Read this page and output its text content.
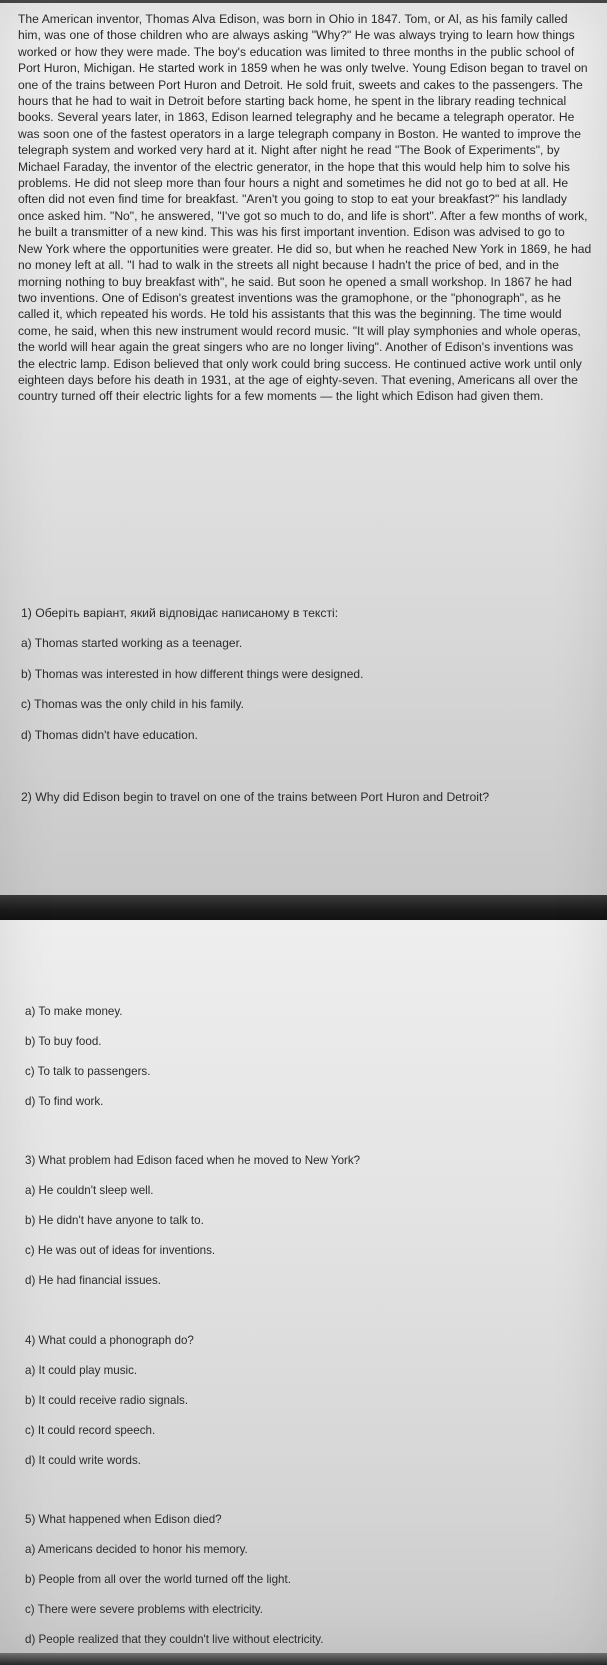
The American inventor, Thomas Alva Edison, was born in Ohio in 1847. Tom, or Al, as his family called him, was one of those children who are always asking "Why?" He was always trying to learn how things worked or how they were made. The boy's education was limited to three months in the public school of Port Huron, Michigan. He started work in 1859 when he was only twelve. Young Edison began to travel on one of the trains between Port Huron and Detroit. He sold fruit, sweets and cakes to the passengers. The hours that he had to wait in Detroit before starting back home, he spent in the library reading technical books. Several years later, in 1863, Edison learned telegraphy and he became a telegraph operator. He was soon one of the fastest operators in a large telegraph company in Boston. He wanted to improve the telegraph system and worked very hard at it. Night after night he read "The Book of Experiments", by Michael Faraday, the inventor of the electric generator, in the hope that this would help him to solve his problems. He did not sleep more than four hours a night and sometimes he did not go to bed at all. He often did not even find time for breakfast. "Aren't you going to stop to eat your breakfast?" his landlady once asked him. "No", he answered, "I've got so much to do, and life is short". After a few months of work, he built a transmitter of a new kind. This was his first important invention. Edison was advised to go to New York where the opportunities were greater. He did so, but when he reached New York in 1869, he had no money left at all. "I had to walk in the streets all night because I hadn't the price of bed, and in the morning nothing to buy breakfast with", he said. But soon he opened a small workshop. In 1867 he had two inventions. One of Edison's greatest inventions was the gramophone, or the "phonograph", as he called it, which repeated his words. He told his assistants that this was the beginning. The time would come, he said, when this new instrument would record music. "It will play symphonies and whole operas, the world will hear again the great singers who are no longer living". Another of Edison's inventions was the electric lamp. Edison believed that only work could bring success. He continued active work until only eighteen days before his death in 1931, at the age of eighty-seven. That evening, Americans all over the country turned off their electric lights for a few moments — the light which Edison had given them.

1) Оберіть варіант, який відповідає написаному в тексті:

a) Thomas started working as a teenager.

b) Thomas was interested in how different things were designed.

c) Thomas was the only child in his family.

d) Thomas didn't have education.

2) Why did Edison begin to travel on one of the trains between Port Huron and Detroit?

a) To make money.

b) To buy food.

c) To talk to passengers.

d) To find work.

3) What problem had Edison faced when he moved to New York?

a) He couldn't sleep well.

b) He didn't have anyone to talk to.

c) He was out of ideas for inventions.

d) He had financial issues.

4) What could a phonograph do?

a) It could play music.

b) It could receive radio signals.

c) It could record speech.

d) It could write words.

5) What happened when Edison died?

a) Americans decided to honor his memory.

b) People from all over the world turned off the light.

c) There were severe problems with electricity.

d) People realized that they couldn't live without electricity.
